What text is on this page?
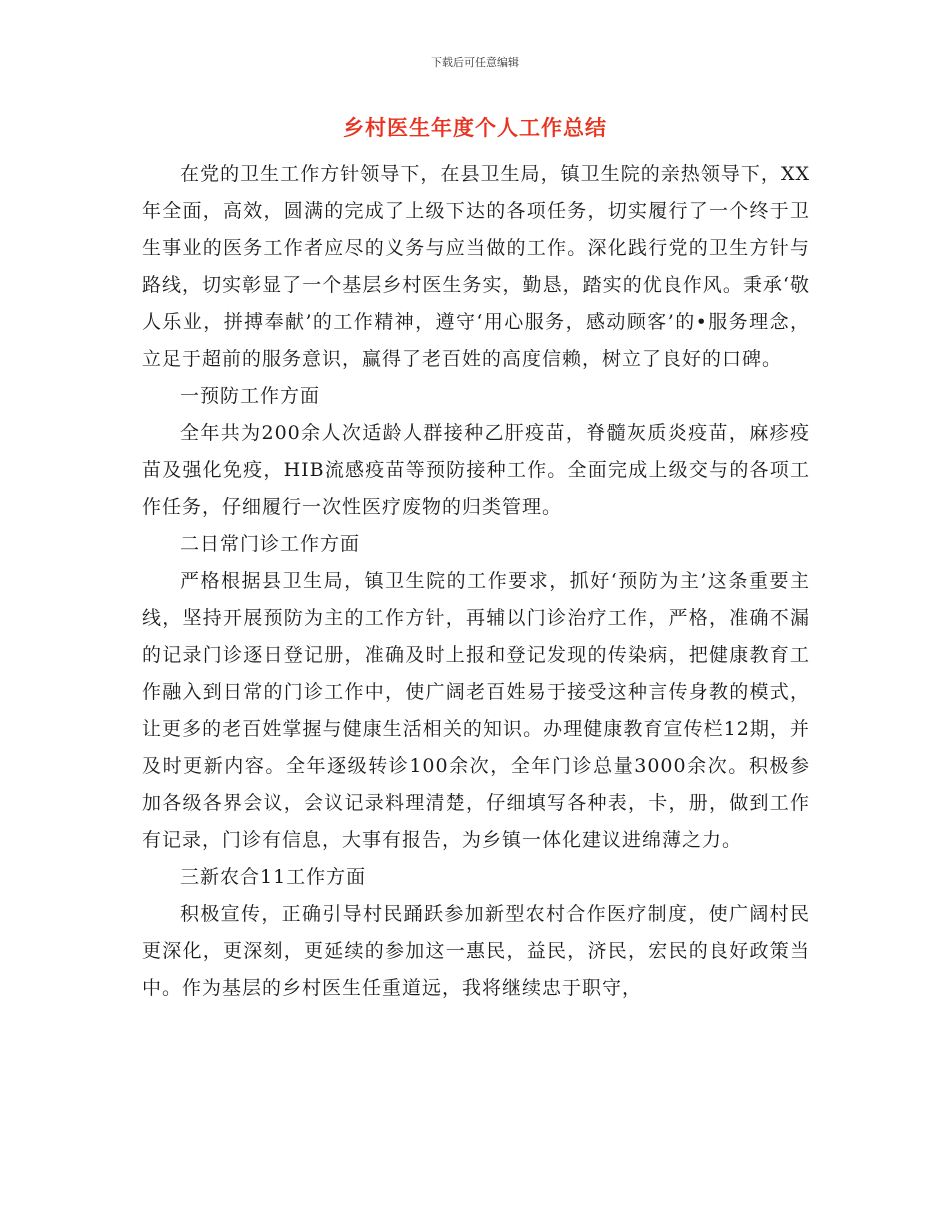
下载后可任意编辑
乡村医生年度个人工作总结

在党的卫生工作方针领导下，在县卫生局，镇卫生院的亲热领导下，XX年全面，高效，圆满的完成了上级下达的各项任务，切实履行了一个终于卫生事业的医务工作者应尽的义务与应当做的工作。深化践行党的卫生方针与路线，切实彰显了一个基层乡村医生务实，勤恳，踏实的优良作风。秉承‘敬人乐业，拼搏奉献’的工作精神，遵守‘用心服务，感动顾客’的•服务理念，立足于超前的服务意识，赢得了老百姓的高度信赖，树立了良好的口碑。

一预防工作方面

全年共为200余人次适龄人群接种乙肝疫苗，脊髓灰质炎疫苗，麻疹疫苗及强化免疫，HIB流感疫苗等预防接种工作。全面完成上级交与的各项工作任务，仔细履行一次性医疗废物的归类管理。

二日常门诊工作方面

严格根据县卫生局，镇卫生院的工作要求，抓好‘预防为主’这条重要主线，坚持开展预防为主的工作方针，再辅以门诊治疗工作，严格，准确不漏的记录门诊逐日登记册，准确及时上报和登记发现的传染病，把健康教育工作融入到日常的门诊工作中，使广阔老百姓易于接受这种言传身教的模式，让更多的老百姓掌握与健康生活相关的知识。办理健康教育宣传栏12期，并及时更新内容。全年逐级转诊100余次，全年门诊总量3000余次。积极参加各级各界会议，会议记录料理清楚，仔细填写各种表，卡，册，做到工作有记录，门诊有信息，大事有报告，为乡镇一体化建议进绵薄之力。

三新农合11工作方面

积极宣传，正确引导村民踊跃参加新型农村合作医疗制度，使广阔村民更深化，更深刻，更延续的参加这一惠民，益民，济民，宏民的良好政策当中。作为基层的乡村医生任重道远，我将继续忠于职守，
